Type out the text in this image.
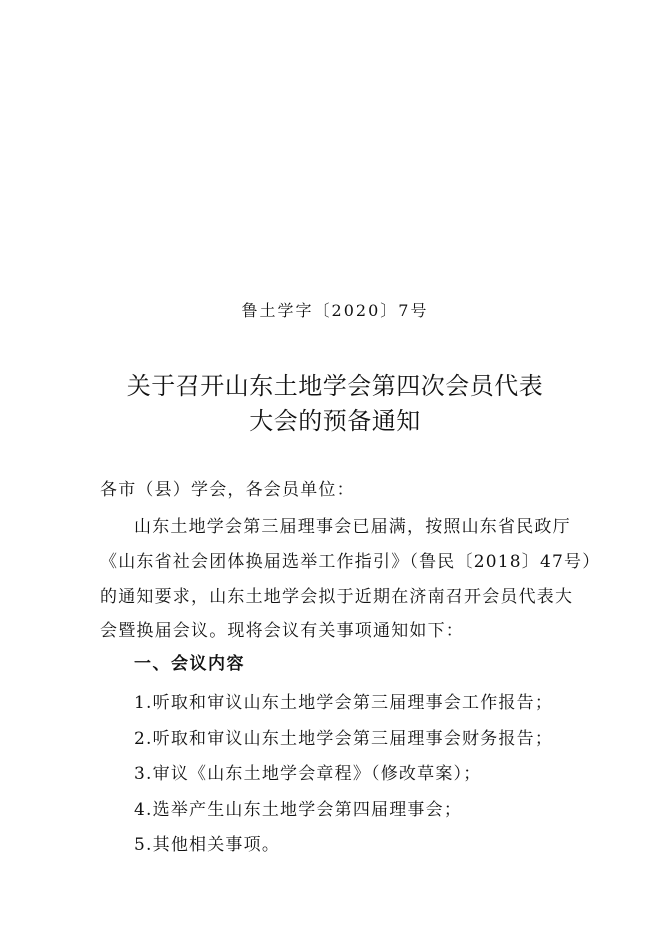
鲁土学字〔2020〕7号
关于召开山东土地学会第四次会员代表
大会的预备通知
各市（县）学会，各会员单位：
山东土地学会第三届理事会已届满，按照山东省民政厅
《山东省社会团体换届选举工作指引》（鲁民〔2018〕47号）
的通知要求，山东土地学会拟于近期在济南召开会员代表大
会暨换届会议。现将会议有关事项通知如下：
一、会议内容
1.听取和审议山东土地学会第三届理事会工作报告；
2.听取和审议山东土地学会第三届理事会财务报告；
3.审议《山东土地学会章程》（修改草案）；
4.选举产生山东土地学会第四届理事会；
5.其他相关事项。
